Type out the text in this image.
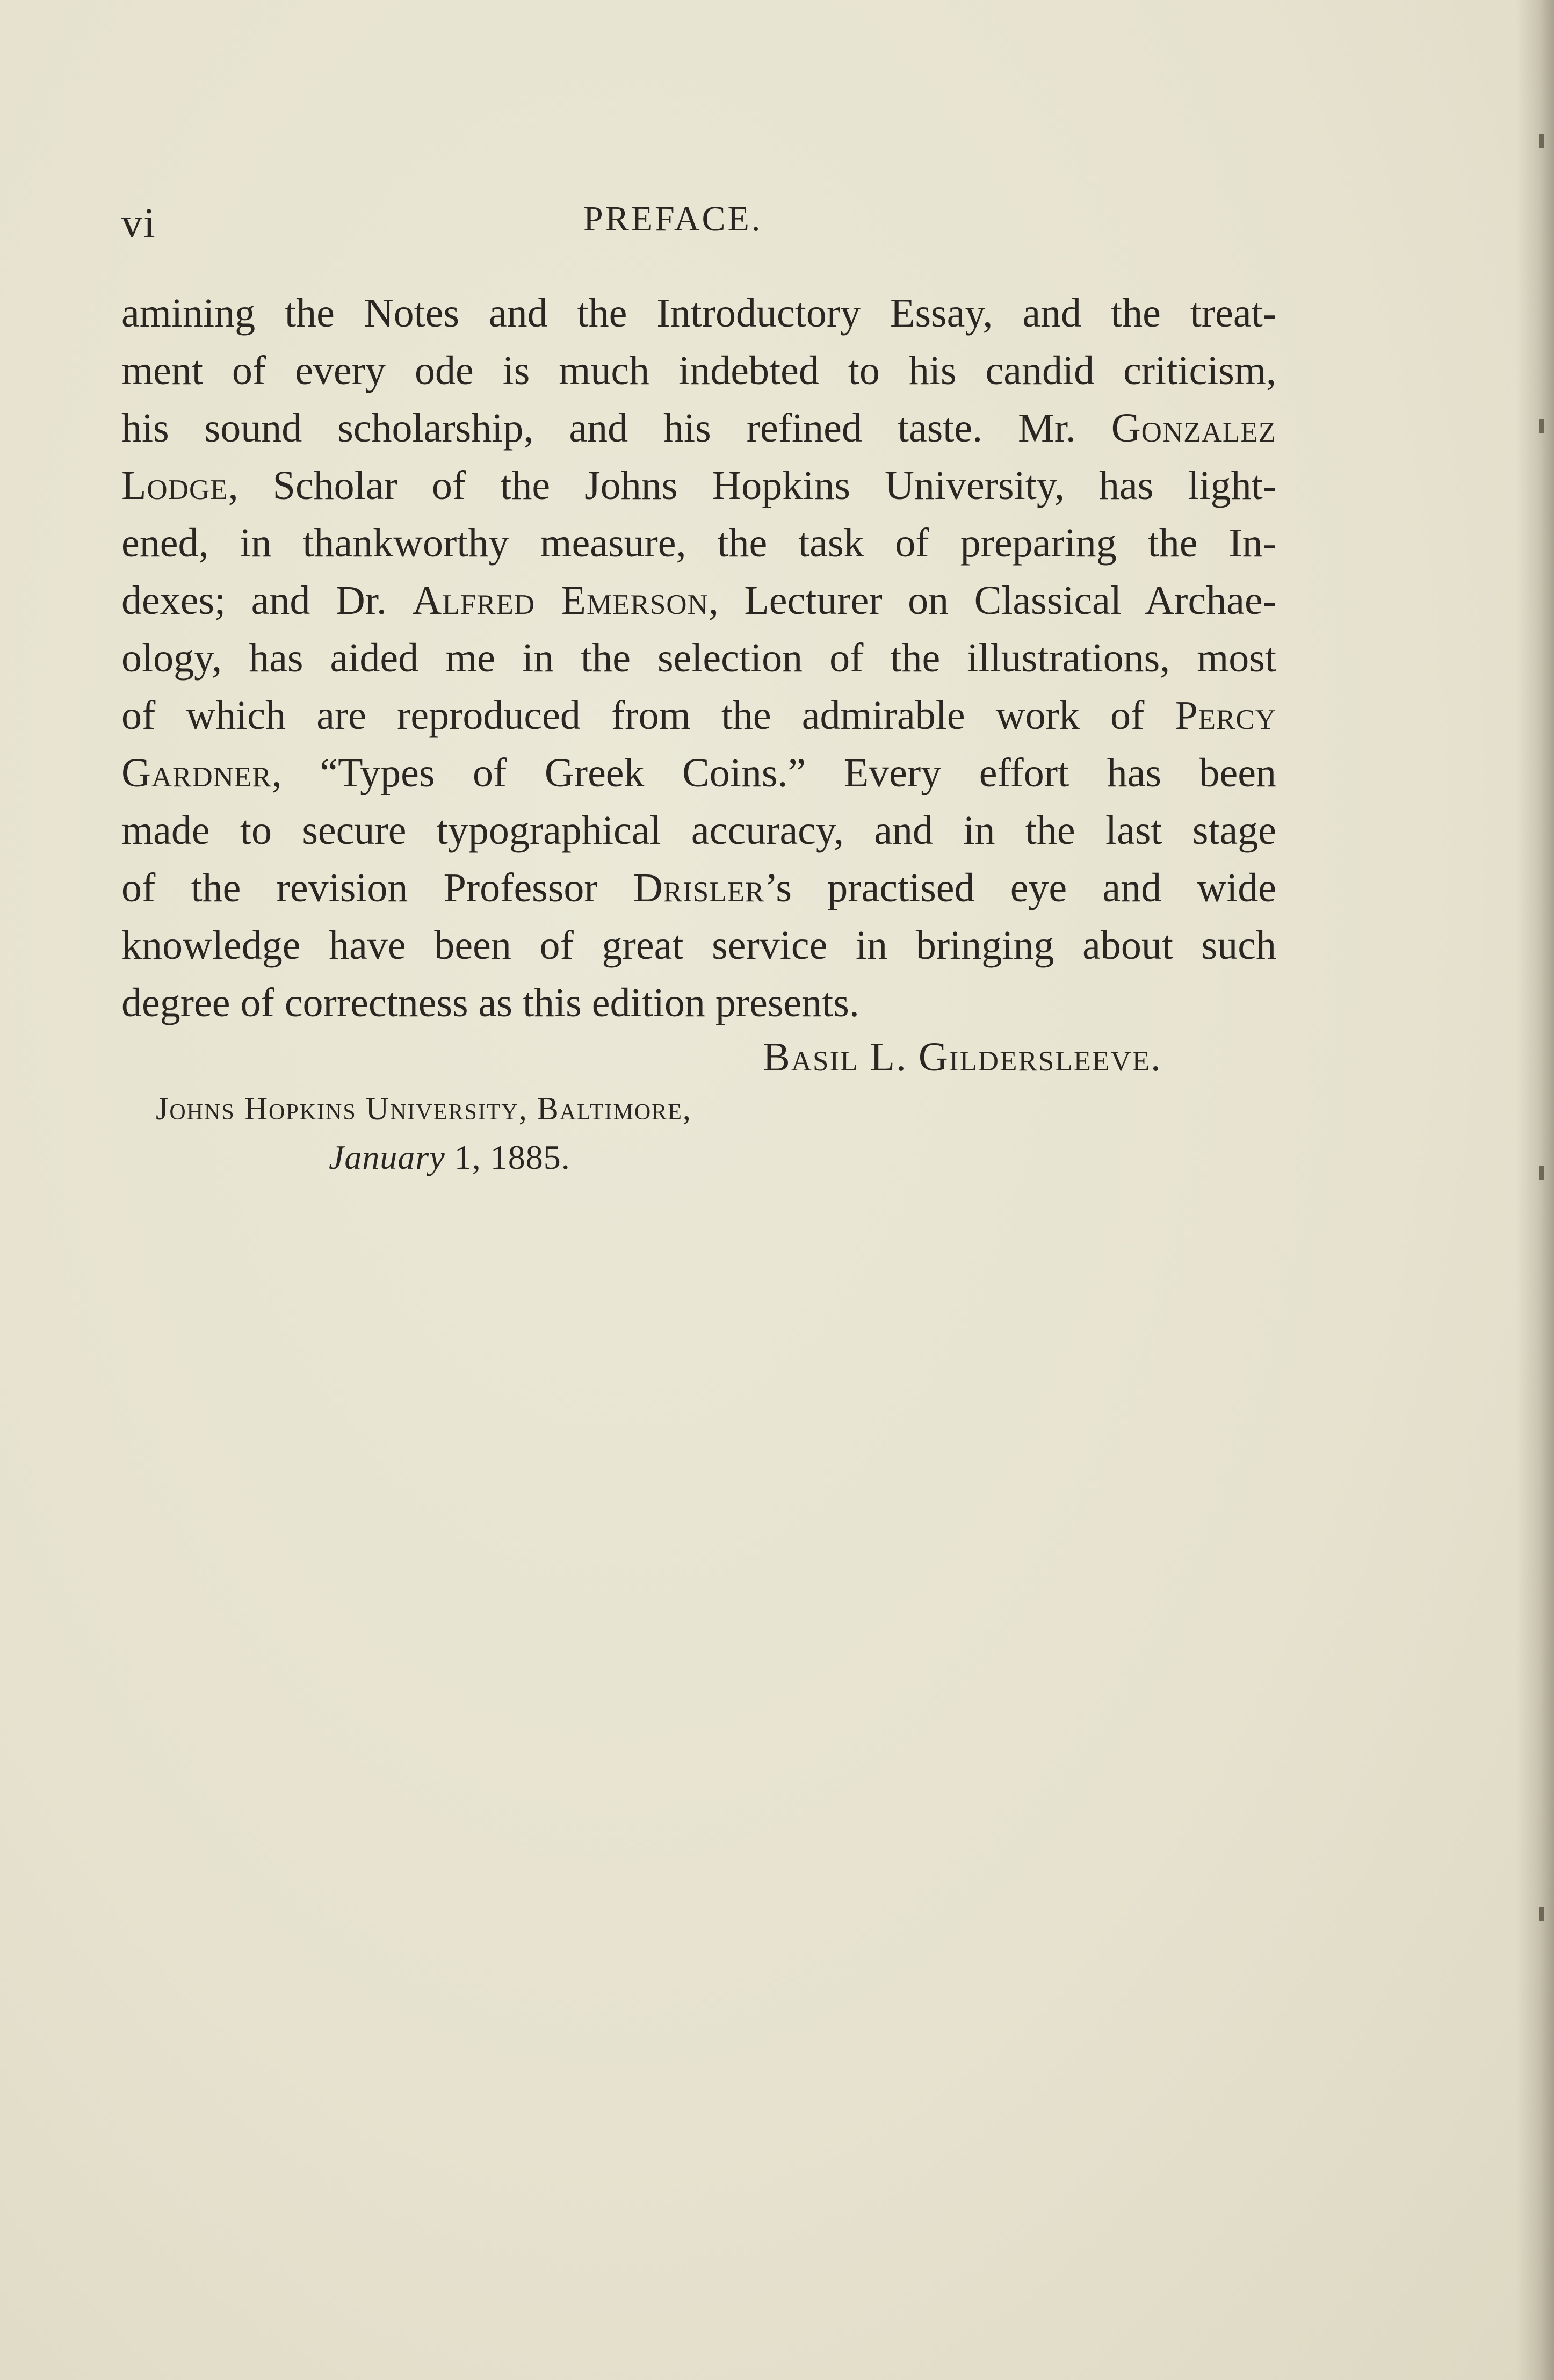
vi	PREFACE.
amining the Notes and the Introductory Essay, and the treat-
ment of every ode is much indebted to his candid criticism,
his sound scholarship, and his refined taste. Mr. Gonzalez
Lodge, Scholar of the Johns Hopkins University, has light-
ened, in thankworthy measure, the task of preparing the In-
dexes; and Dr. Alfred Emerson, Lecturer on Classical Archae-
ology, has aided me in the selection of the illustrations, most
of which are reproduced from the admirable work of Percy
Gardner, “Types of Greek Coins.” Every effort has been
made to secure typographical accuracy, and in the last stage
of the revision Professor Drisler’s practised eye and wide
knowledge have been of great service in bringing about such
degree of correctness as this edition presents.
Basil L. Gildersleeve.
Johns Hopkins University, Baltimore,
January 1, 1885.
